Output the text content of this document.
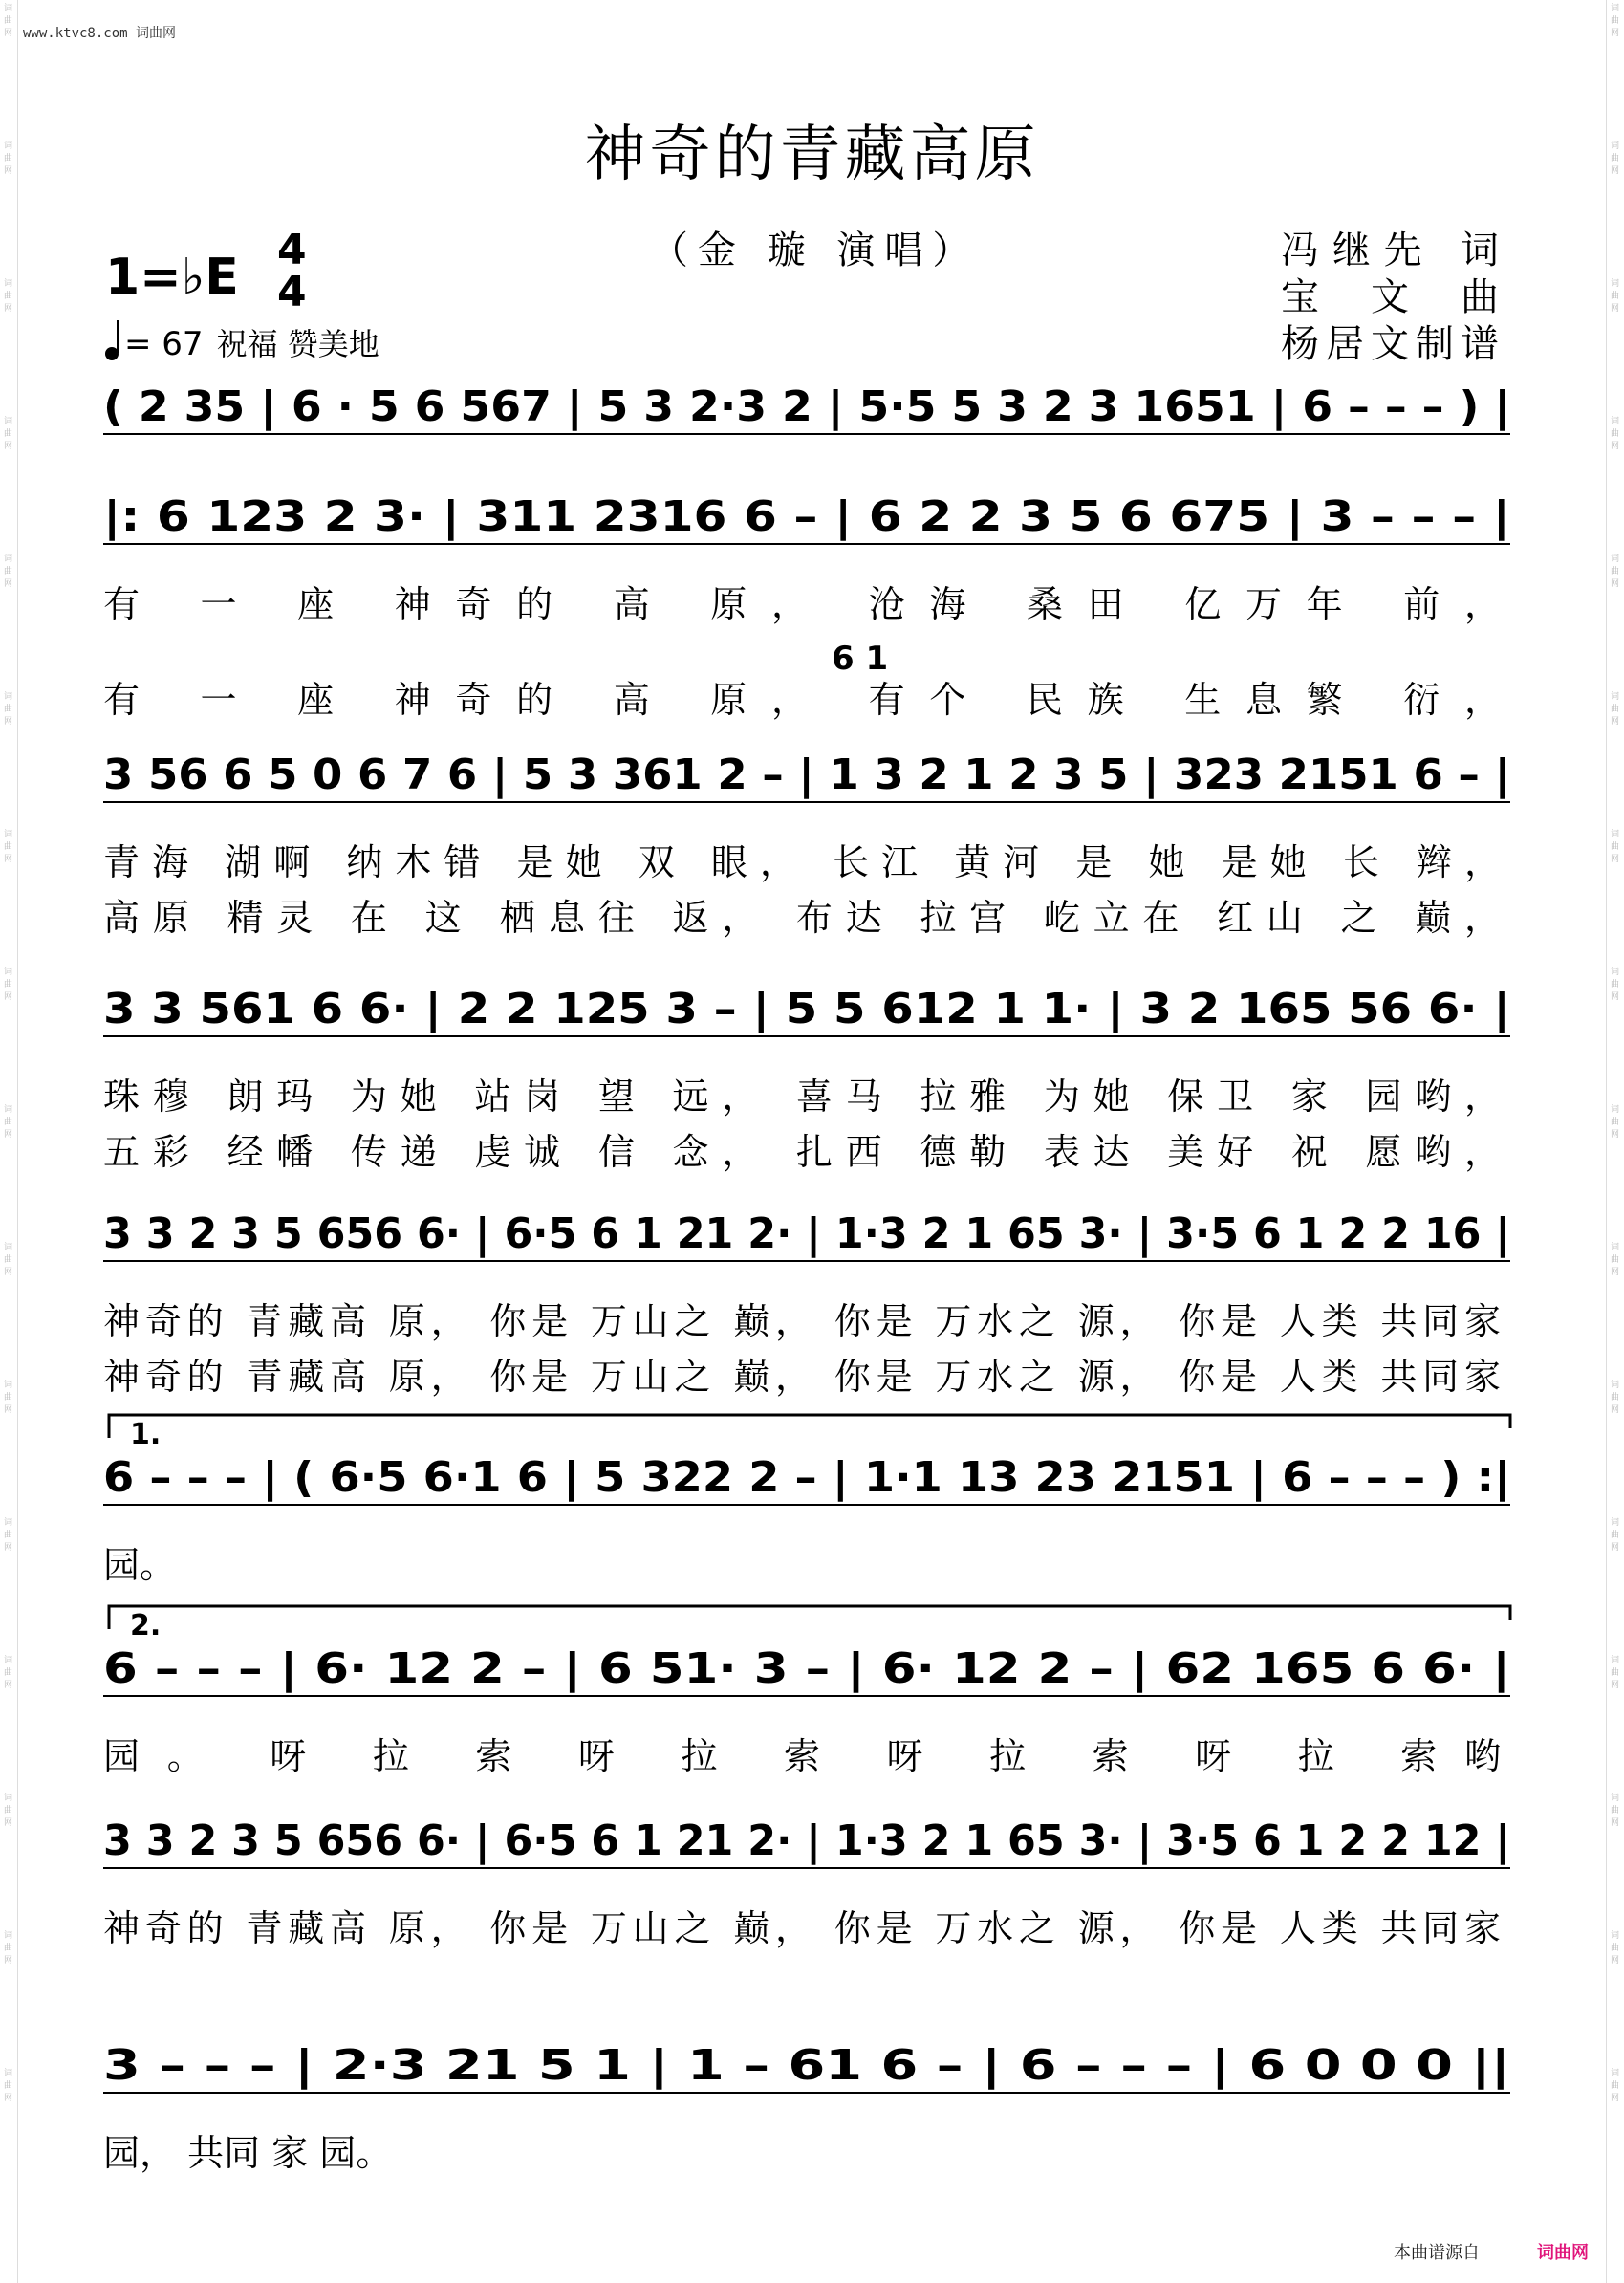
词曲网
词曲网
词曲网
词曲网
词曲网
词曲网
词曲网
词曲网
词曲网
词曲网
词曲网
词曲网
词曲网
词曲网
词曲网
词曲网
词曲网
词曲网
词曲网
词曲网
词曲网
词曲网
词曲网
词曲网
词曲网
词曲网
词曲网
词曲网
词曲网
词曲网
词曲网
词曲网
www.ktvc8.com 词曲网
神奇的青藏高原
（金 璇 演唱）	冯继先 词
宝 文 曲
杨居文制谱
1=♭E 4
4
= 67 祝福 赞美地
( 2 35 | 6 · 5 6 567 | 5 3 2·3 2 | 5·5 5 3 2 3 1651 | 6 – – – ) |
6 1
|: 6 123 2 3· | 311 2316 6 – | 6 2 2 3 5 6 675 | 3 – – – |
有 一 座 神奇的 高 原， 沧海 桑田 亿万年 前，
有 一 座 神奇的 高 原， 有个 民族 生息繁 衍，
3 56 6 5 0 6 7 6 | 5 3 361 2 – | 1 3 2 1 2 3 5 | 323 2151 6 – |
青海 湖啊 纳木错 是她 双 眼， 长江 黄河 是 她 是她 长 辫，
高原 精灵 在 这 栖息往 返， 布达 拉宫 屹立在 红山 之 巅，
3 3 561 6 6· | 2 2 125 3 – | 5 5 612 1 1· | 3 2 165 56 6· |
珠穆 朗玛 为她 站岗 望 远， 喜马 拉雅 为她 保卫 家 园哟，
五彩 经幡 传递 虔诚 信 念， 扎西 德勒 表达 美好 祝 愿哟，
3 3 2 3 5 656 6· | 6·5 6 1 21 2· | 1·3 2 1 65 3· | 3·5 6 1 2 2 16 |
神奇的 青藏高 原， 你是 万山之 巅， 你是 万水之 源， 你是 人类 共同家
神奇的 青藏高 原， 你是 万山之 巅， 你是 万水之 源， 你是 人类 共同家
1.
6 – – – | ( 6·5 6·1 6 | 5 322 2 – | 1·1 13 23 2151 | 6 – – – ) :|
园。
2.
6 – – – | 6· 12 2 – | 6 51· 3 – | 6· 12 2 – | 62 165 6 6· |
园。 呀 拉 索 呀 拉 索 呀 拉 索 呀 拉 索哟
3 3 2 3 5 656 6· | 6·5 6 1 21 2· | 1·3 2 1 65 3· | 3·5 6 1 2 2 12 |
神奇的 青藏高 原， 你是 万山之 巅， 你是 万水之 源， 你是 人类 共同家
3 – – – | 2·3 21 5 1 | 1 – 61 6 – | 6 – – – | 6 0 0 0 ||
园， 共同 家 园。
本曲谱源自	词曲网
